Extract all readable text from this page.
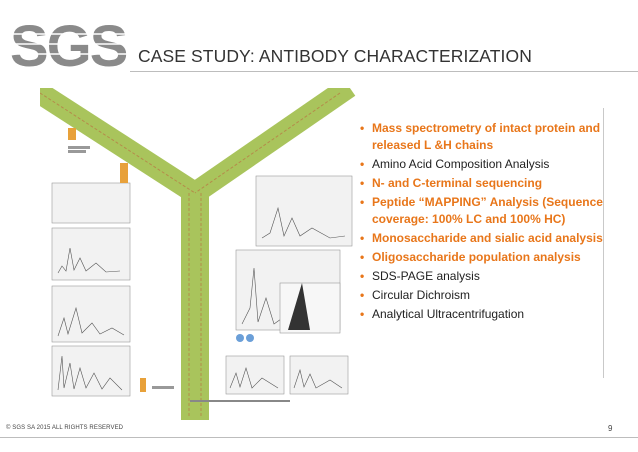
SGS CASE STUDY: ANTIBODY CHARACTERIZATION
• Mass spectrometry of intact protein and released L &H chains
• Amino Acid Composition Analysis
• N- and C-terminal sequencing
• Peptide “MAPPING” Analysis (Sequence coverage: 100% LC and 100% HC)
• Monosaccharide and sialic acid analysis
• Oligosaccharide population analysis
• SDS-PAGE analysis
• Circular Dichroism
• Analytical Ultracentrifugation
© SGS SA 2015 ALL RIGHTS RESERVED	9
